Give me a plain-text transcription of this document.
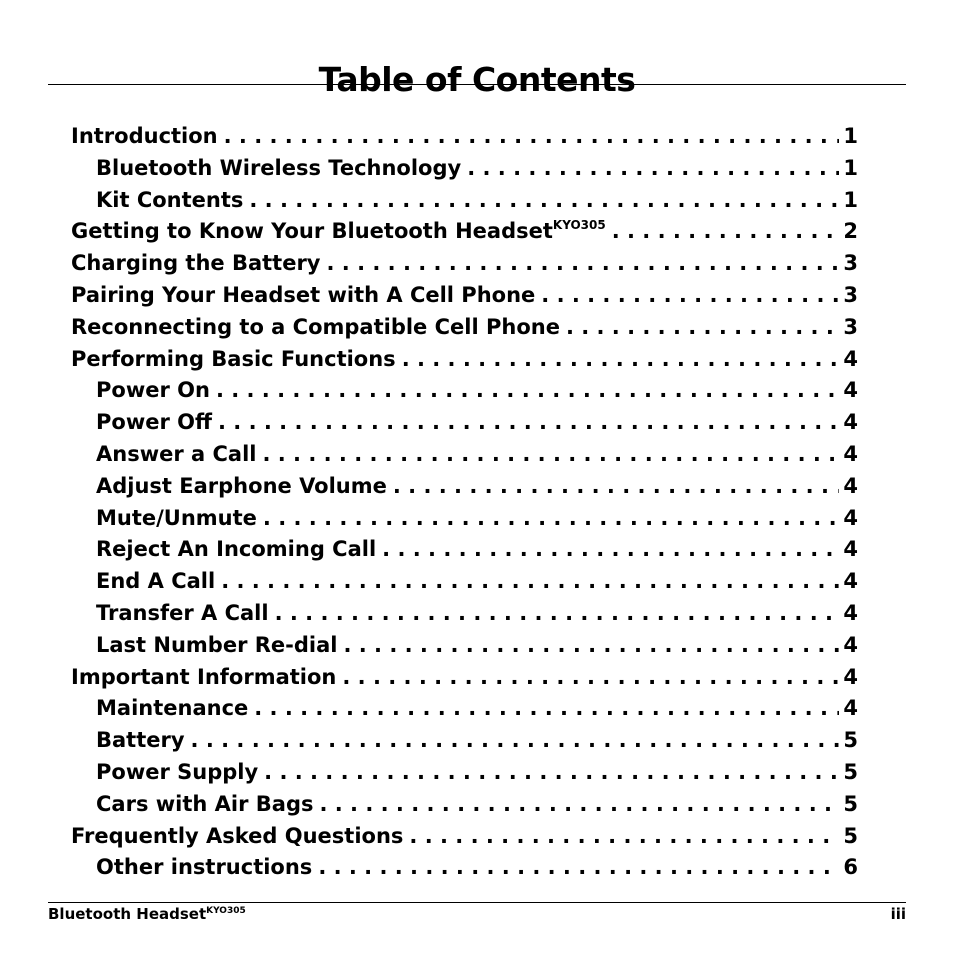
Table of Contents
Introduction . . .	1
Bluetooth Wireless Technology . . .	1
Kit Contents . . .	1
Getting to Know Your Bluetooth Headset$^{KYO305}$ . . .	2
Charging the Battery . . .	3
Pairing Your Headset with A Cell Phone . . .	3
Reconnecting to a Compatible Cell Phone . . .	3
Performing Basic Functions . . .	4
Power On . . .	4
Power Off . . .	4
Answer a Call . . .	4
Adjust Earphone Volume . . .	4
Mute/Unmute . . .	4
Reject An Incoming Call . . .	4
End A Call . . .	4
Transfer A Call . . .	4
Last Number Re-dial . . .	4
Important Information . . .	4
Maintenance . . .	4
Battery . . .	5
Power Supply . . .	5
Cars with Air Bags . . .	5
Frequently Asked Questions . . .	5
Other instructions . . .	6
Bluetooth Headset$^{KYO305}$	iii
